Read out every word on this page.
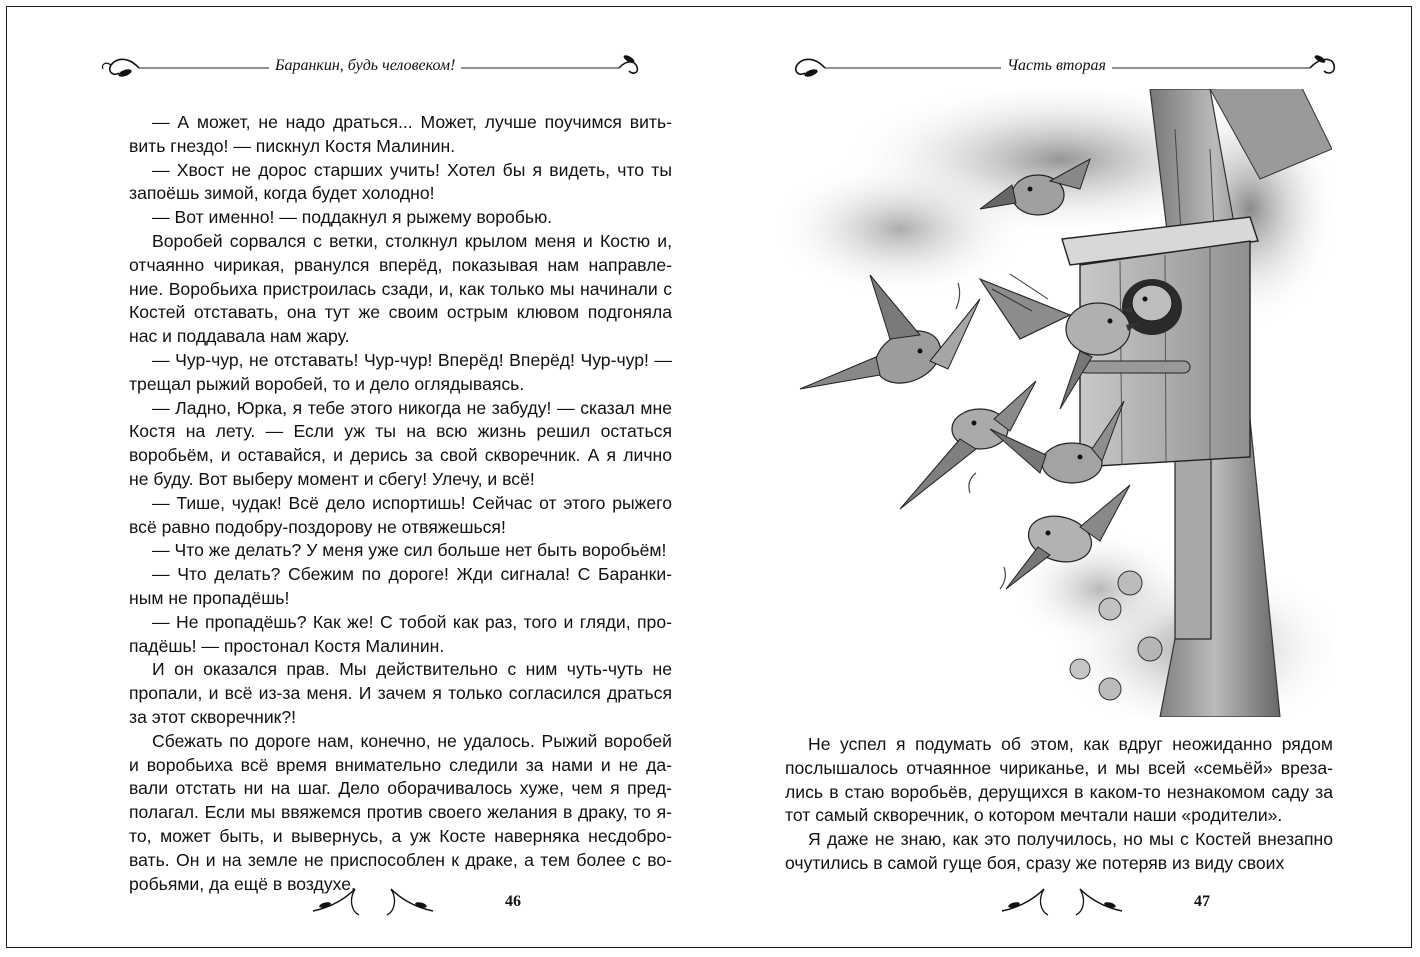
Баранкин, будь человеком!

— А может, не надо драться... Может, лучше поучимся витьвить гнездо! — пискнул Костя Малинин.

— Хвост не дорос старших учить! Хотел бы я видеть, что ты запоёшь зимой, когда будет холодно!

— Вот именно! — поддакнул я рыжему воробью.

Воробей сорвался с ветки, столкнул крылом меня и Костю и, отчаянно чирикая, рванулся вперёд, показывая нам направление. Воробьиха пристроилась сзади, и, как только мы начинали с Костей отставать, она тут же своим острым клювом подгоняла нас и поддавала нам жару.

— Чур-чур, не отставать! Чур-чур! Вперёд! Вперёд! Чур-чур! — трещал рыжий воробей, то и дело оглядываясь.

— Ладно, Юрка, я тебе этого никогда не забуду! — сказал мне Костя на лету. — Если уж ты на всю жизнь решил остаться воробьём, и оставайся, и дерись за свой скворечник. А я лично не буду. Вот выберу момент и сбегу! Улечу, и всё!

— Тише, чудак! Всё дело испортишь! Сейчас от этого рыжего всё равно подобру-поздорову не отвяжешься!

— Что же делать? У меня уже сил больше нет быть воробьём!

— Что делать? Сбежим по дороге! Жди сигнала! С Баранкиным не пропадёшь!

— Не пропадёшь? Как же! С тобой как раз, того и гляди, пропадёшь! — простонал Костя Малинин.

И он оказался прав. Мы действительно с ним чуть-чуть не пропали, и всё из-за меня. И зачем я только согласился драться за этот скворечник?!

Сбежать по дороге нам, конечно, не удалось. Рыжий воробей и воробьиха всё время внимательно следили за нами и не давали отстать ни на шаг. Дело оборачивалось хуже, чем я предполагал. Если мы ввяжемся против своего желания в драку, то я-то, может быть, и вывернусь, а уж Косте наверняка несдобровать. Он и на земле не приспособлен к драке, а тем более с воробьями, да ещё в воздухе.

46
Часть вторая

Не успел я подумать об этом, как вдруг неожиданно рядом послышалось отчаянное чириканье, и мы всей «семьёй» врезались в стаю воробьёв, дерущихся в каком-то незнакомом саду за тот самый скворечник, о котором мечтали наши «родители».

Я даже не знаю, как это получилось, но мы с Костей внезапно очутились в самой гуще боя, сразу же потеряв из виду своих

47
